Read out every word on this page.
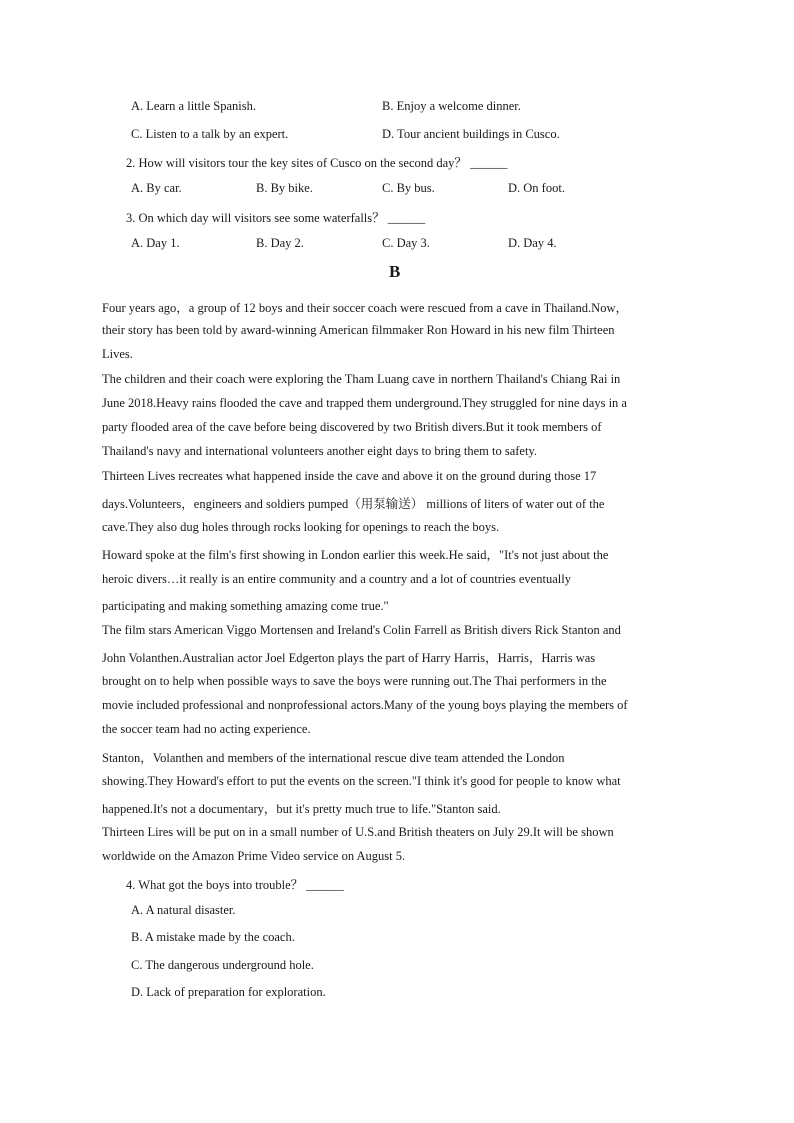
A. Learn a little Spanish.	B. Enjoy a welcome dinner.
C. Listen to a talk by an expert.	D. Tour ancient buildings in Cusco.
2. How will visitors tour the key sites of Cusco on the second day？ ______
A. By car.	B. By bike.	C. By bus.	D. On foot.
3. On which day will visitors see some waterfalls？ ______
A. Day 1.	B. Day 2.	C. Day 3.	D. Day 4.
B
Four years ago，a group of 12 boys and their soccer coach were rescued from a cave in Thailand.Now，
their story has been told by award-winning American filmmaker Ron Howard in his new film Thirteen
Lives.
The children and their coach were exploring the Tham Luang cave in northern Thailand's Chiang Rai in
June 2018.Heavy rains flooded the cave and trapped them underground.They struggled for nine days in a
party flooded area of the cave before being discovered by two British divers.But it took members of
Thailand's navy and international volunteers another eight days to bring them to safety.
Thirteen Lives recreates what happened inside the cave and above it on the ground during those 17
days.Volunteers，engineers and soldiers pumped（用泵输送） millions of liters of water out of the
cave.They also dug holes through rocks looking for openings to reach the boys.
Howard spoke at the film's first showing in London earlier this week.He said，"It's not just about the
heroic divers…it really is an entire community and a country and a lot of countries eventually
participating and making something amazing come true."
The film stars American Viggo Mortensen and Ireland's Colin Farrell as British divers Rick Stanton and
John Volanthen.Australian actor Joel Edgerton plays the part of Harry Harris，Harris，Harris was
brought on to help when possible ways to save the boys were running out.The Thai performers in the
movie included professional and nonprofessional actors.Many of the young boys playing the members of
the soccer team had no acting experience.
Stanton，Volanthen and members of the international rescue dive team attended the London
showing.They Howard's effort to put the events on the screen."I think it's good for people to know what
happened.It's not a documentary，but it's pretty much true to life."Stanton said.
Thirteen Lires will be put on in a small number of U.S.and British theaters on July 29.It will be shown
worldwide on the Amazon Prime Video service on August 5.
4. What got the boys into trouble？ ______
A. A natural disaster.
B. A mistake made by the coach.
C. The dangerous underground hole.
D. Lack of preparation for exploration.
